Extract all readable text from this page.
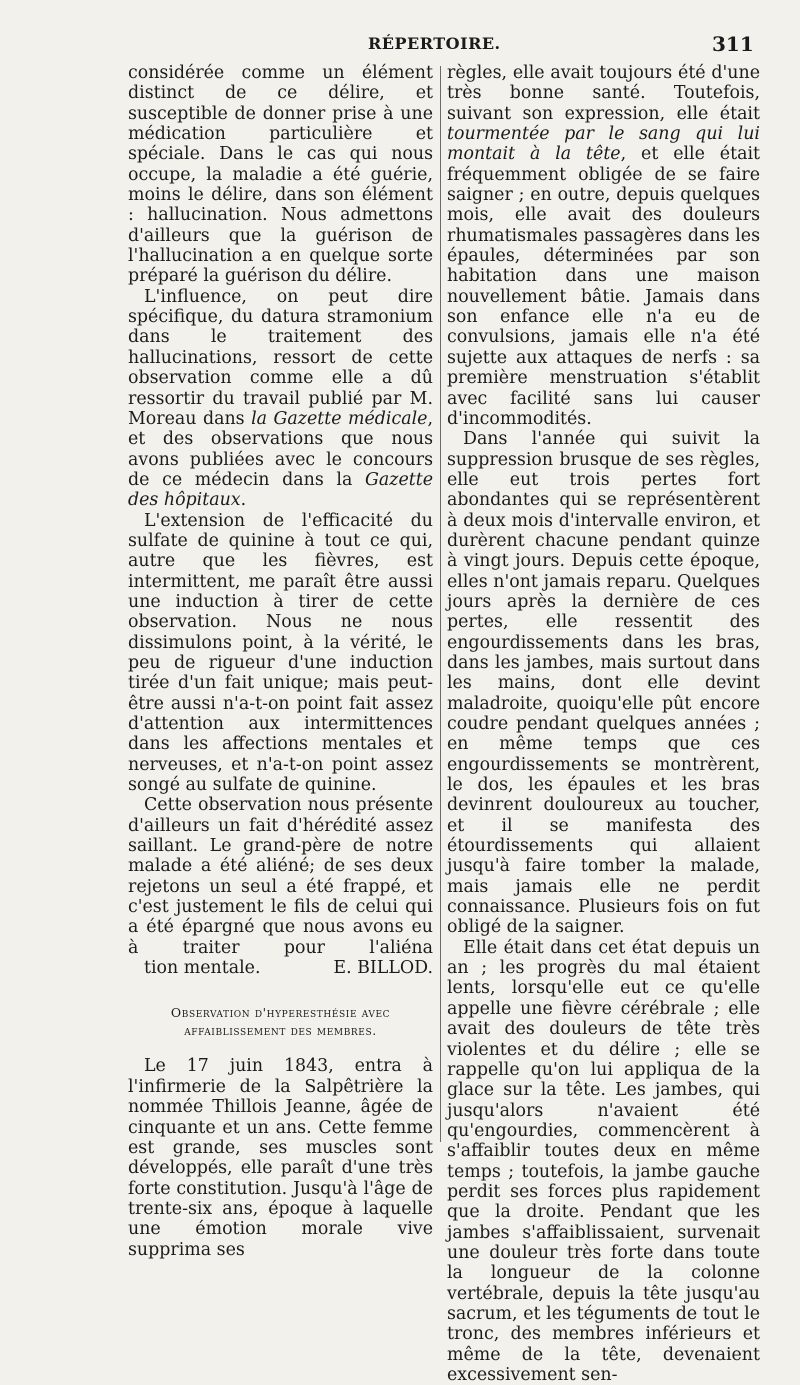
RÉPERTOIRE.	311

considérée comme un élément distinct de ce délire, et susceptible de donner prise à une médication particulière et spéciale. Dans le cas qui nous occupe, la maladie a été guérie, moins le délire, dans son élément : hallucination. Nous admettons d'ailleurs que la guérison de l'hallucination a en quelque sorte préparé la guérison du délire.

L'influence, on peut dire spécifique, du datura stramonium dans le traitement des hallucinations, ressort de cette observation comme elle a dû ressortir du travail publié par M. Moreau dans la Gazette médicale, et des observations que nous avons publiées avec le concours de ce médecin dans la Gazette des hôpitaux.

L'extension de l'efficacité du sulfate de quinine à tout ce qui, autre que les fièvres, est intermittent, me paraît être aussi une induction à tirer de cette observation. Nous ne nous dissimulons point, à la vérité, le peu de rigueur d'une induction tirée d'un fait unique; mais peut-être aussi n'a-t-on point fait assez d'attention aux intermittences dans les affections mentales et nerveuses, et n'a-t-on point assez songé au sulfate de quinine.

Cette observation nous présente d'ailleurs un fait d'hérédité assez saillant. Le grand-père de notre malade a été aliéné; de ses deux rejetons un seul a été frappé, et c'est justement le fils de celui qui a été épargné que nous avons eu à traiter pour l'aliéna

tion mentale.	E. BILLOD.
Observation d'hyperesthésie avec
affaiblissement des membres.

Le 17 juin 1843, entra à l'infirmerie de la Salpêtrière la nommée Thillois Jeanne, âgée de cinquante et un ans. Cette femme est grande, ses muscles sont développés, elle paraît d'une très forte constitution. Jusqu'à l'âge de trente-six ans, époque à laquelle une émotion morale vive supprima ses

règles, elle avait toujours été d'une très bonne santé. Toutefois, suivant son expression, elle était tourmentée par le sang qui lui montait à la tête, et elle était fréquemment obligée de se faire saigner ; en outre, depuis quelques mois, elle avait des douleurs rhumatismales passagères dans les épaules, déterminées par son habitation dans une maison nouvellement bâtie. Jamais dans son enfance elle n'a eu de convulsions, jamais elle n'a été sujette aux attaques de nerfs : sa première menstruation s'établit avec facilité sans lui causer d'incommodités.

Dans l'année qui suivit la suppression brusque de ses règles, elle eut trois pertes fort abondantes qui se représentèrent à deux mois d'intervalle environ, et durèrent chacune pendant quinze à vingt jours. Depuis cette époque, elles n'ont jamais reparu. Quelques jours après la dernière de ces pertes, elle ressentit des engourdissements dans les bras, dans les jambes, mais surtout dans les mains, dont elle devint maladroite, quoiqu'elle pût encore coudre pendant quelques années ; en même temps que ces engourdissements se montrèrent, le dos, les épaules et les bras devinrent douloureux au toucher, et il se manifesta des étourdissements qui allaient jusqu'à faire tomber la malade, mais jamais elle ne perdit connaissance. Plusieurs fois on fut obligé de la saigner.

Elle était dans cet état depuis un an ; les progrès du mal étaient lents, lorsqu'elle eut ce qu'elle appelle une fièvre cérébrale ; elle avait des douleurs de tête très violentes et du délire ; elle se rappelle qu'on lui appliqua de la glace sur la tête. Les jambes, qui jusqu'alors n'avaient été qu'engourdies, commencèrent à s'affaiblir toutes deux en même temps ; toutefois, la jambe gauche perdit ses forces plus rapidement que la droite. Pendant que les jambes s'affaiblissaient, survenait une douleur très forte dans toute la longueur de la colonne vertébrale, depuis la tête jusqu'au sacrum, et les téguments de tout le tronc, des membres inférieurs et même de la tête, devenaient excessivement sen-
